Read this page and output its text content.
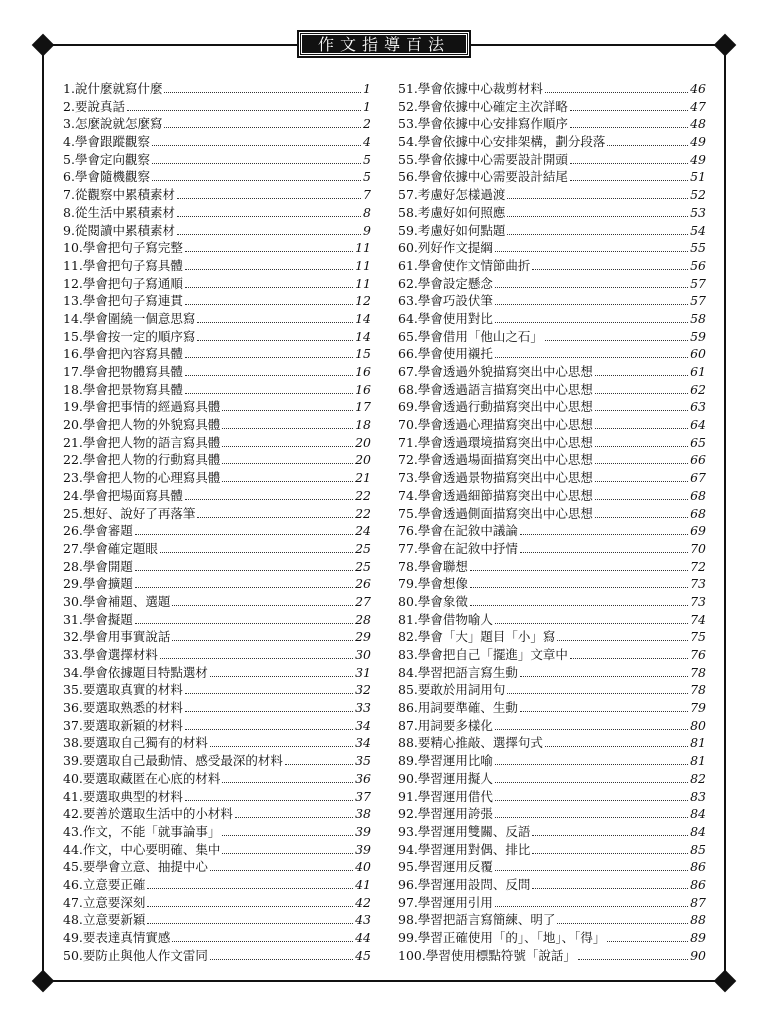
作文指導百法
1. 說什麼就寫什麼	1
2. 要說真話	1
3. 怎麼說就怎麼寫	2
4. 學會跟蹤觀察	4
5. 學會定向觀察	5
6. 學會隨機觀察	5
7. 從觀察中累積素材	7
8. 從生活中累積素材	8
9. 從閱讀中累積素材	9
10. 學會把句子寫完整	11
11. 學會把句子寫具體	11
12. 學會把句子寫通順	11
13. 學會把句子寫連貫	12
14. 學會圍繞一個意思寫	14
15. 學會按一定的順序寫	14
16. 學會把內容寫具體	15
17. 學會把物體寫具體	16
18. 學會把景物寫具體	16
19. 學會把事情的經過寫具體	17
20. 學會把人物的外貌寫具體	18
21. 學會把人物的語言寫具體	20
22. 學會把人物的行動寫具體	20
23. 學會把人物的心理寫具體	21
24. 學會把場面寫具體	22
25. 想好、說好了再落筆	22
26. 學會審題	24
27. 學會確定題眼	25
28. 學會開題	25
29. 學會擴題	26
30. 學會補題、選題	27
31. 學會擬題	28
32. 學會用事實說話	29
33. 學會選擇材料	30
34. 學會依據題目特點選材	31
35. 要選取真實的材料	32
36. 要選取熟悉的材料	33
37. 要選取新穎的材料	34
38. 要選取自己獨有的材料	34
39. 要選取自己最動情、感受最深的材料	35
40. 要選取藏匿在心底的材料	36
41. 要選取典型的材料	37
42. 要善於選取生活中的小材料	38
43. 作文，不能「就事論事」	39
44. 作文，中心要明確、集中	39
45. 要學會立意、抽提中心	40
46. 立意要正確	41
47. 立意要深刻	42
48. 立意要新穎	43
49. 要表達真情實感	44
50. 要防止與他人作文雷同	45
51. 學會依據中心裁剪材料	46
52. 學會依據中心確定主次詳略	47
53. 學會依據中心安排寫作順序	48
54. 學會依據中心安排架構，劃分段落	49
55. 學會依據中心需要設計開頭	49
56. 學會依據中心需要設計結尾	51
57. 考慮好怎樣過渡	52
58. 考慮好如何照應	53
59. 考慮好如何點題	54
60. 列好作文提綱	55
61. 學會使作文情節曲折	56
62. 學會設定懸念	57
63. 學會巧設伏筆	57
64. 學會使用對比	58
65. 學會借用「他山之石」	59
66. 學會使用襯托	60
67. 學會透過外貌描寫突出中心思想	61
68. 學會透過語言描寫突出中心思想	62
69. 學會透過行動描寫突出中心思想	63
70. 學會透過心理描寫突出中心思想	64
71. 學會透過環境描寫突出中心思想	65
72. 學會透過場面描寫突出中心思想	66
73. 學會透過景物描寫突出中心思想	67
74. 學會透過細節描寫突出中心思想	68
75. 學會透過側面描寫突出中心思想	68
76. 學會在記敘中議論	69
77. 學會在記敘中抒情	70
78. 學會聯想	72
79. 學會想像	73
80. 學會象徵	73
81. 學會借物喻人	74
82. 學會「大」題目「小」寫	75
83. 學會把自己「擺進」文章中	76
84. 學習把語言寫生動	78
85. 要敢於用詞用句	78
86. 用詞要準確、生動	79
87. 用詞要多樣化	80
88. 要精心推敲、選擇句式	81
89. 學習運用比喻	81
90. 學習運用擬人	82
91. 學習運用借代	83
92. 學習運用誇張	84
93. 學習運用雙關、反語	84
94. 學習運用對偶、排比	85
95. 學習運用反覆	86
96. 學習運用設問、反問	86
97. 學習運用引用	87
98. 學習把語言寫簡練、明了	88
99. 學習正確使用「的」、「地」、「得」	89
100. 學習使用標點符號「說話」	90
